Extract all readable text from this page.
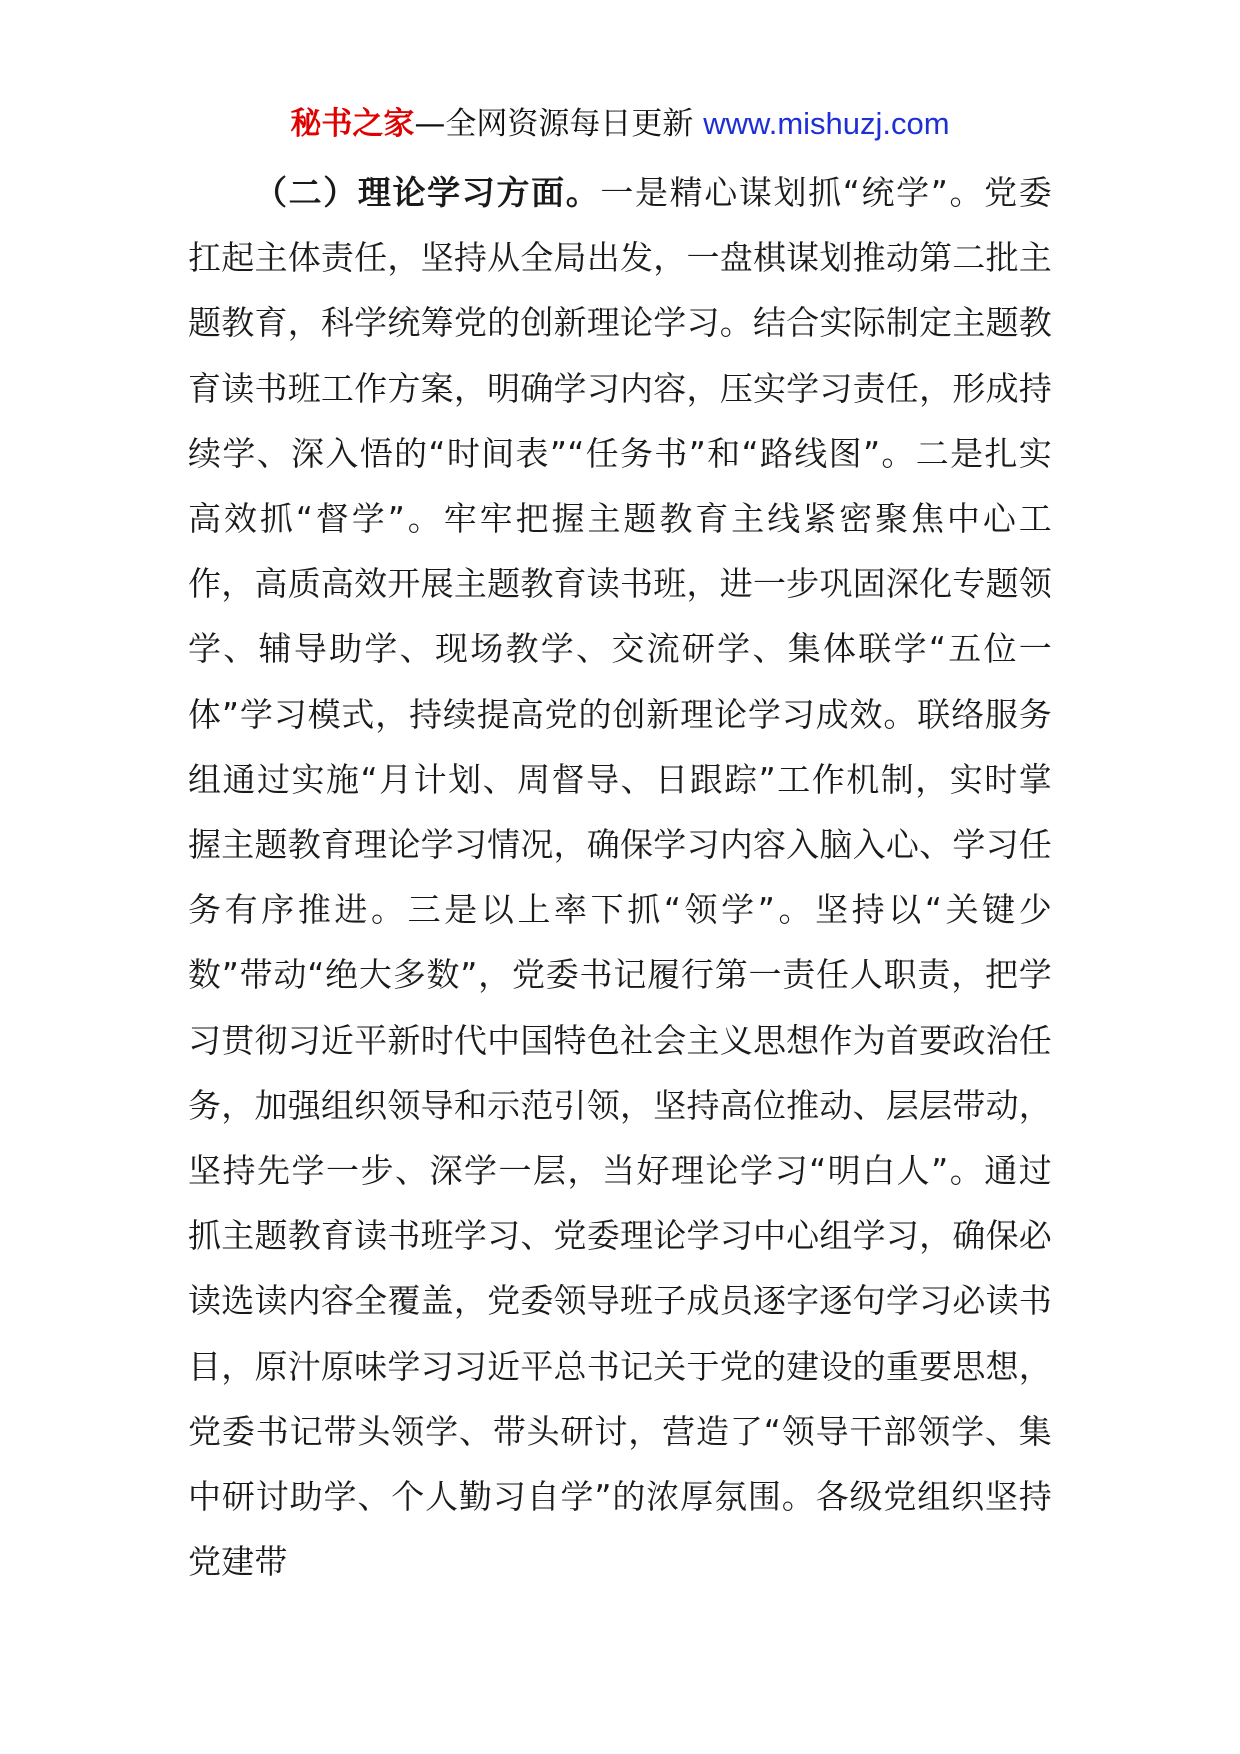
秘书之家—全网资源每日更新 www.mishuzj.com

（二）理论学习方面。一是精心谋划抓“统学”。党委扛起主体责任，坚持从全局出发，一盘棋谋划推动第二批主题教育，科学统筹党的创新理论学习。结合实际制定主题教育读书班工作方案，明确学习内容，压实学习责任，形成持续学、深入悟的“时间表”“任务书”和“路线图”。二是扎实高效抓“督学”。牢牢把握主题教育主线紧密聚焦中心工作，高质高效开展主题教育读书班，进一步巩固深化专题领学、辅导助学、现场教学、交流研学、集体联学“五位一体”学习模式，持续提高党的创新理论学习成效。联络服务组通过实施“月计划、周督导、日跟踪”工作机制，实时掌握主题教育理论学习情况，确保学习内容入脑入心、学习任务有序推进。三是以上率下抓“领学”。坚持以“关键少数”带动“绝大多数”，党委书记履行第一责任人职责，把学习贯彻习近平新时代中国特色社会主义思想作为首要政治任务，加强组织领导和示范引领，坚持高位推动、层层带动，坚持先学一步、深学一层，当好理论学习“明白人”。通过抓主题教育读书班学习、党委理论学习中心组学习，确保必读选读内容全覆盖，党委领导班子成员逐字逐句学习必读书目，原汁原味学习习近平总书记关于党的建设的重要思想，党委书记带头领学、带头研讨，营造了“领导干部领学、集中研讨助学、个人勤习自学”的浓厚氛围。各级党组织坚持党建带
